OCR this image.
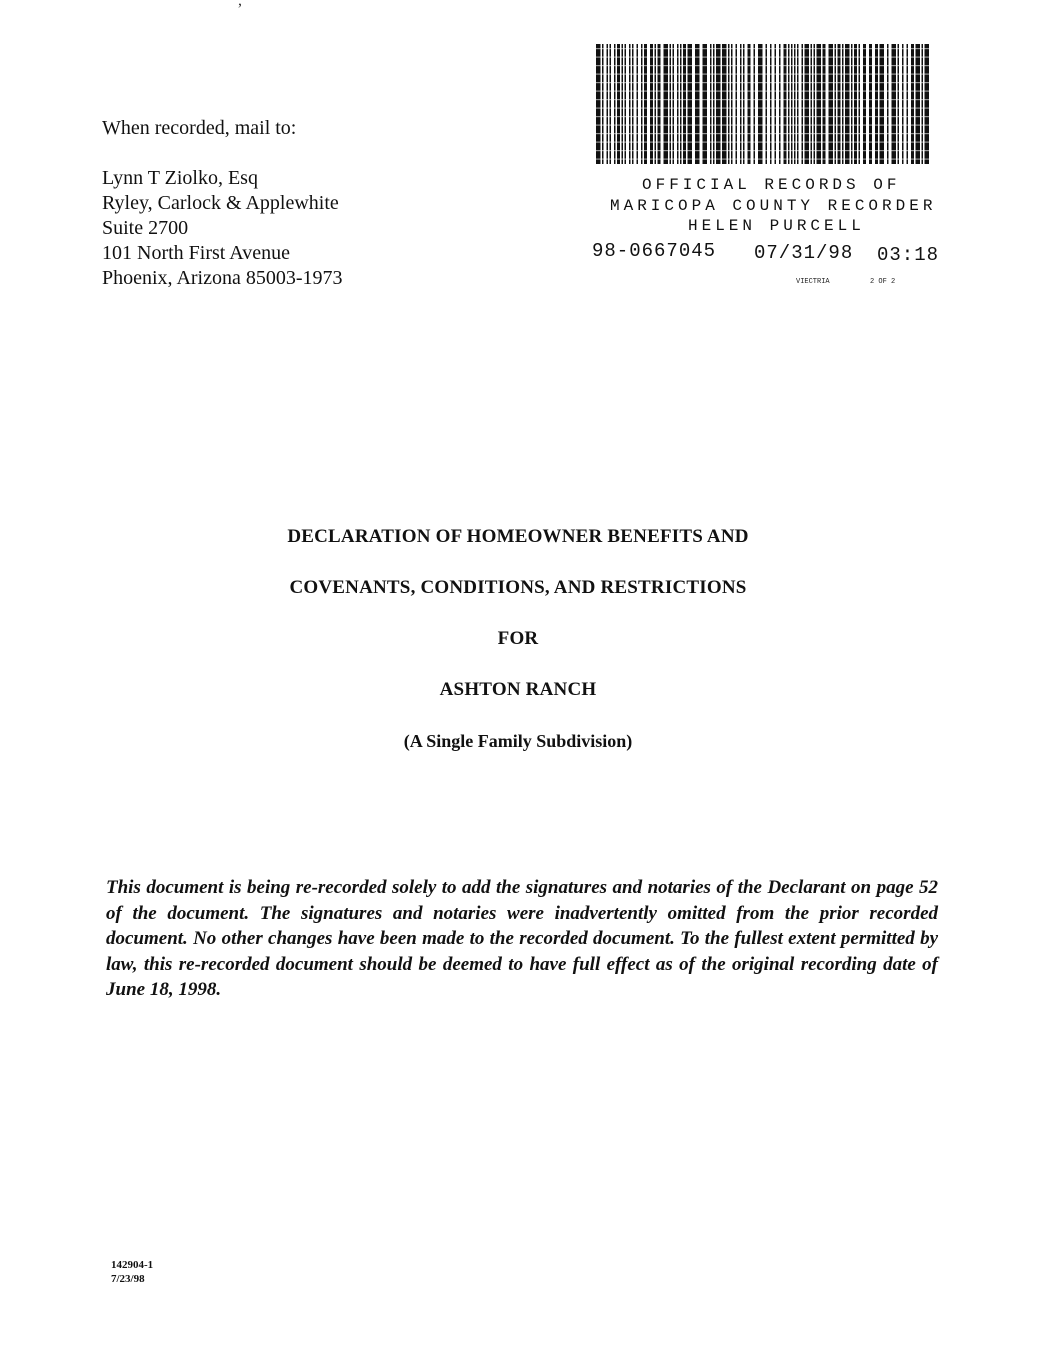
,
When recorded, mail to:
Lynn T Ziolko, Esq
Ryley, Carlock & Applewhite
Suite 2700
101 North First Avenue
Phoenix, Arizona 85003-1973
OFFICIAL RECORDS OF
MARICOPA COUNTY RECORDER
HELEN PURCELL
98-0667045 07/31/98 03:18
VIECTRIA	2 OF 2
DECLARATION OF HOMEOWNER BENEFITS AND
COVENANTS, CONDITIONS, AND RESTRICTIONS
FOR
ASHTON RANCH
(A Single Family Subdivision)

This document is being re-recorded solely to add the signatures and notaries of the Declarant on page 52 of the document. The signatures and notaries were inadvertently omitted from the prior recorded document. No other changes have been made to the recorded document. To the fullest extent permitted by law, this re-recorded document should be deemed to have full effect as of the original recording date of June 18, 1998.

142904-1
7/23/98
